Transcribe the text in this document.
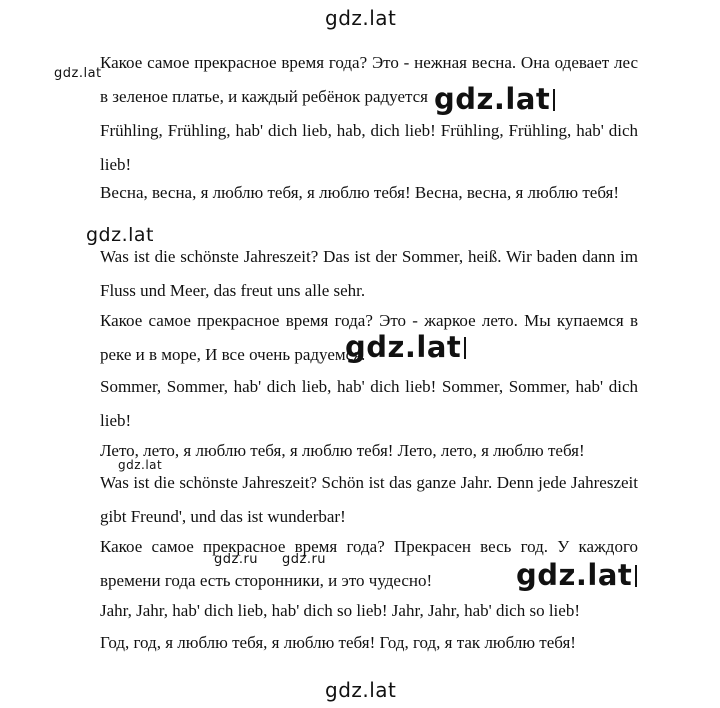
gdz.lat
gdz.lat

Какое самое прекрасное время года? Это - нежная весна. Она одевает лес в зеленое платье, и каждый ребёнок радуется gdz.lat

Frühling, Frühling, hab' dich lieb, hab, dich lieb! Frühling, Frühling, hab' dich lieb!

Весна, весна, я люблю тебя, я люблю тебя! Весна, весна, я люблю тебя!

gdz.lat

Was ist die schönste Jahreszeit? Das ist der Sommer, heiß. Wir baden dann im Fluss und Meer, das freut uns alle sehr.

Какое самое прекрасное время года? Это - жаркое лето. Мы купаемся в реке и в море, И все очень радуемся.

gdz.lat

Sommer, Sommer, hab' dich lieb, hab' dich lieb! Sommer, Sommer, hab' dich lieb!

Лето, лето, я люблю тебя, я люблю тебя! Лето, лето, я люблю тебя!

gdz.lat

Was ist die schönste Jahreszeit? Schön ist das ganze Jahr. Denn jede Jahreszeit gibt Freund', und das ist wunderbar!

Какое самое прекрасное время года? Прекрасен весь год. У каждого времени года есть сторонники, и это чудесно!

gdz.ru gdz.ru	gdz.lat

Jahr, Jahr, hab' dich lieb, hab' dich so lieb! Jahr, Jahr, hab' dich so lieb!

Год, год, я люблю тебя, я люблю тебя! Год, год, я так люблю тебя!

gdz.lat
